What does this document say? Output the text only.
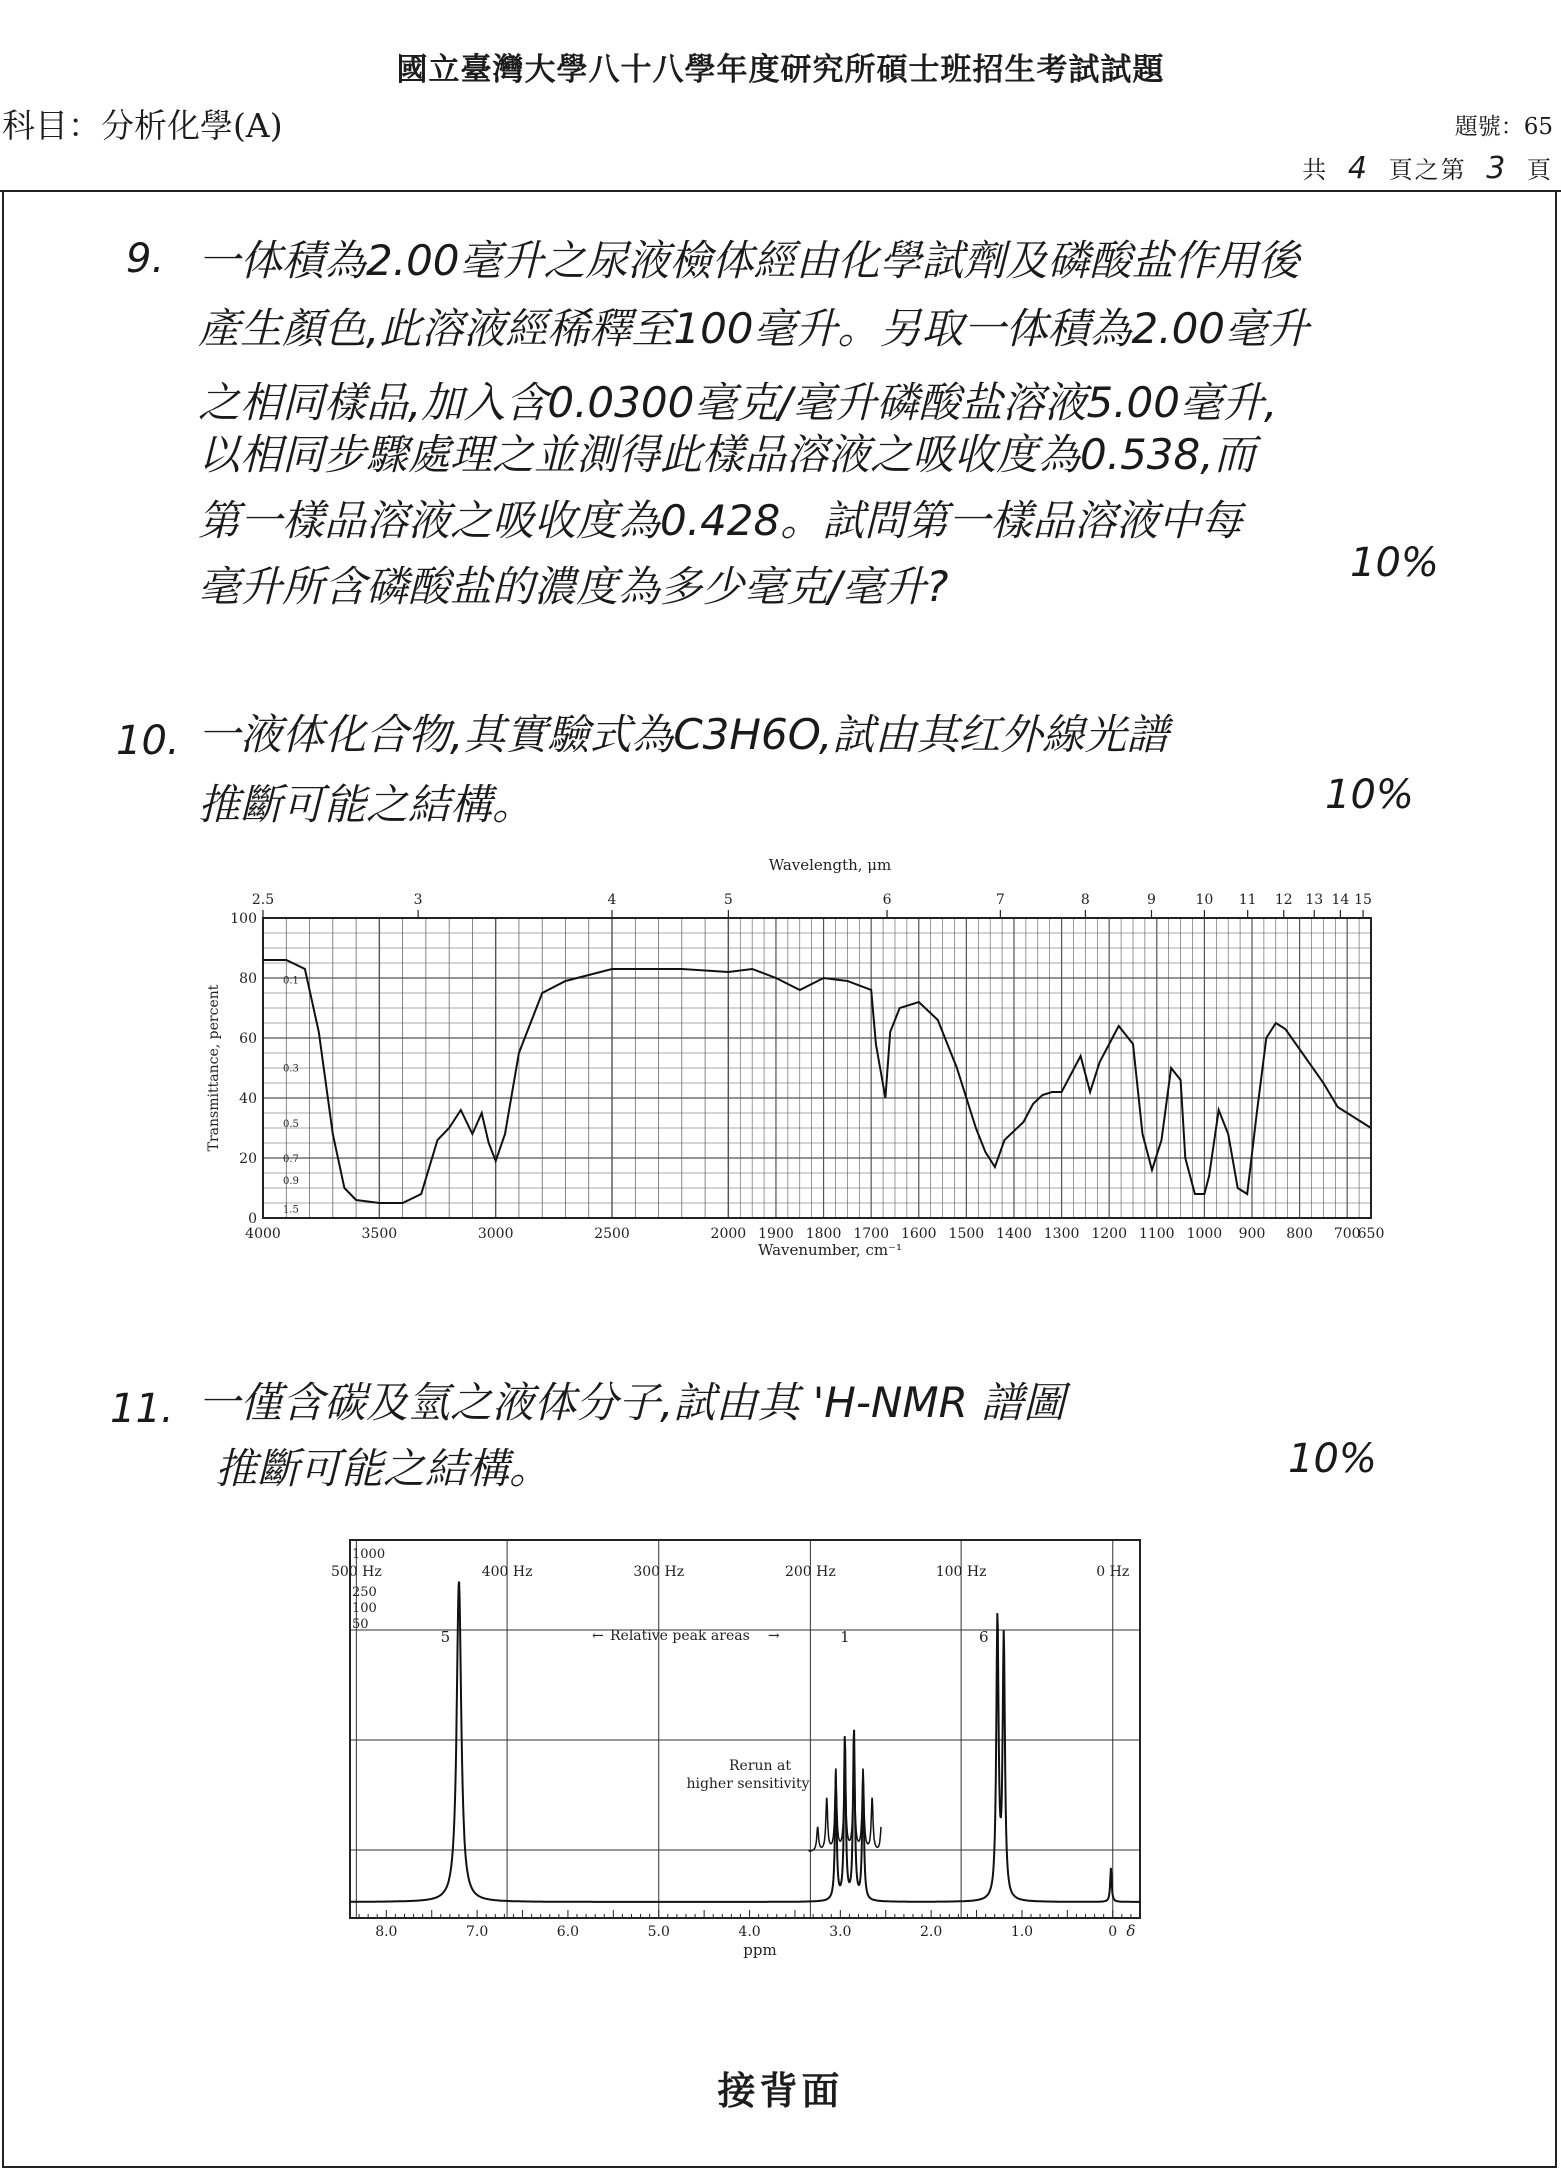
國立臺灣大學八十八學年度研究所碩士班招生考試試題
科目：分析化學(A)	題號：65
共 4 頁之第 3 頁
9. 一体積為2.00毫升之尿液檢体經由化學試劑及磷酸盐作用後
產生顏色,此溶液經稀釋至100毫升。另取一体積為2.00毫升
之相同樣品,加入含0.0300毫克/毫升磷酸盐溶液5.00毫升,
以相同步驟處理之並測得此樣品溶液之吸收度為0.538,而
第一樣品溶液之吸收度為0.428。試問第一樣品溶液中每
毫升所含磷酸盐的濃度為多少毫克/毫升?	10%
10. 一液体化合物,其實驗式為C3H6O,試由其红外線光譜
推斷可能之結構。	10%
Wavelength, μm
2.5	3	4	5	6	7	8	9	10 11 12 13 14 15
0.1
0.3
0.5
0.7
0.9
1.5
0
20
40
60
80
100
4000	3500	3000	2500	2000 1900 1800 1700 1600 1500 1400 1300 1200 1100 1000 900 800 700
650
Transmittance, percent
Wavenumber, cm⁻¹
11. 一僅含碳及氫之液体分子,試由其 'H-NMR 譜圖
推斷可能之結構。	10%
1000
250
100
50
500 Hz	400 Hz	300 Hz	200 Hz	100 Hz	0 Hz
Relative peak areas
←	→
5	1	6
Rerun at
higher sensitivity
8.0	7.0	6.0	5.0	4.0	3.0	2.0	1.0	0 δ
ppm
接背面
